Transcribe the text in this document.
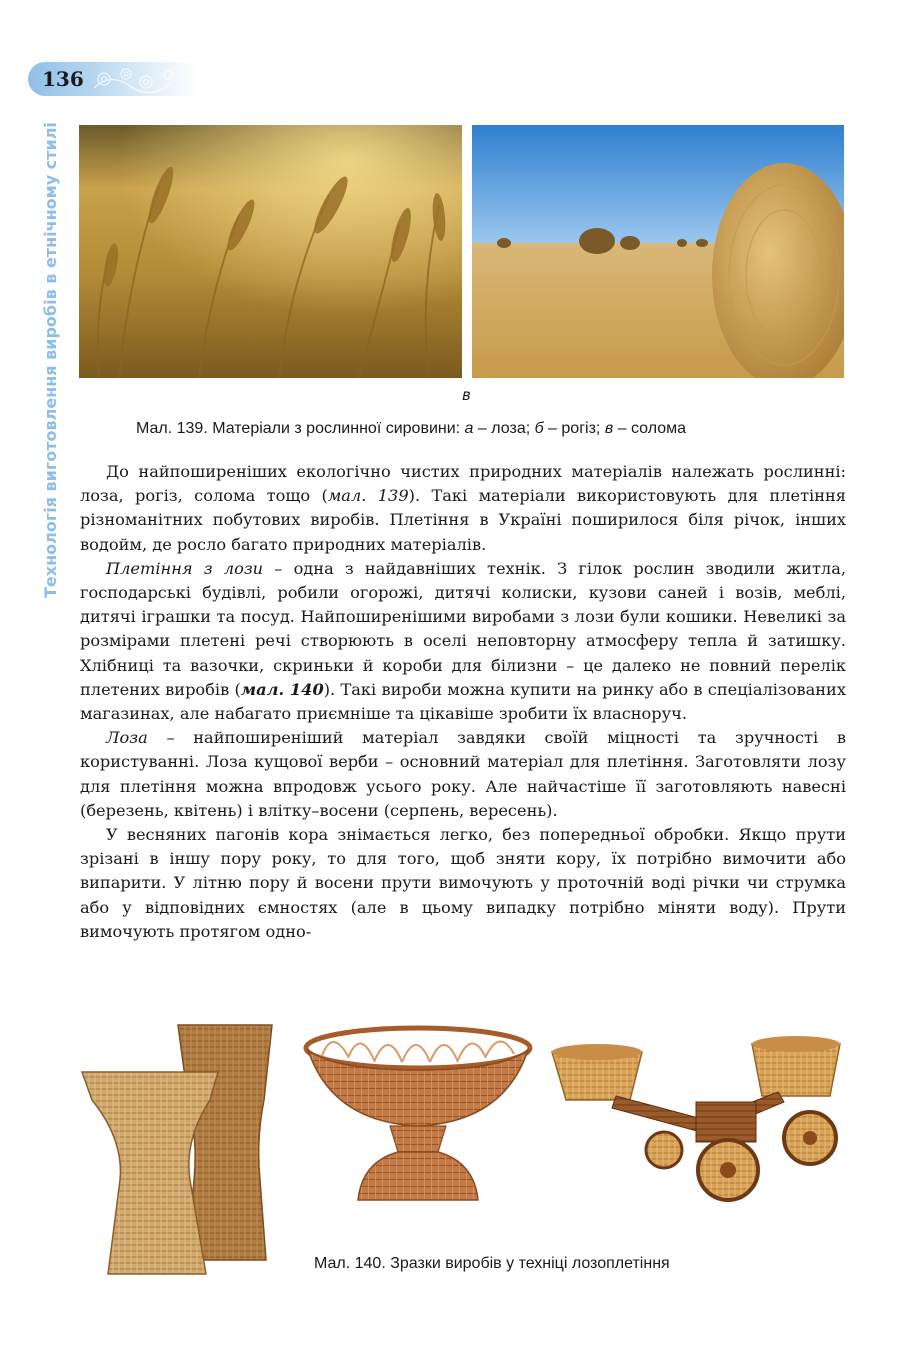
136
Технологія виготовлення виробів в етнічному стилі	в
Мал. 139. Матеріали з рослинної сировини: а – лоза; б – рогіз; в – солома

До найпоширеніших екологічно чистих природних матеріалів належать рослинні: лоза, рогіз, солома тощо (мал. 139). Такі матеріали використовують для плетіння різноманітних побутових виробів. Плетіння в Україні поширилося біля річок, інших водойм, де росло багато природних матеріалів.

Плетіння з лози – одна з найдавніших технік. З гілок рослин зводили житла, господарські будівлі, робили огорожі, дитячі колиски, кузови саней і возів, меблі, дитячі іграшки та посуд. Найпоширенішими виробами з лози були кошики. Невеликі за розмірами плетені речі створюють в оселі неповторну атмосферу тепла й затишку. Хлібниці та вазочки, скриньки й короби для білизни – це далеко не повний перелік плетених виробів (мал. 140). Такі вироби можна купити на ринку або в спеціалізованих магазинах, але набагато приємніше та цікавіше зробити їх власноруч.

Лоза – найпоширеніший матеріал завдяки своїй міцності та зручності в користуванні. Лоза кущової верби – основний матеріал для плетіння. Заготовляти лозу для плетіння можна впродовж усього року. Але найчастіше її заготовляють навесні (березень, квітень) і влітку–восени (серпень, вересень).

У весняних пагонів кора знімається легко, без попередньої обробки. Якщо прути зрізані в іншу пору року, то для того, щоб зняти кору, їх потрібно вимочити або випарити. У літню пору й восени прути вимочують у проточній воді річки чи струмка або у відповідних ємностях (але в цьому випадку потрібно міняти воду). Прути вимочують протягом одно-

Мал. 140. Зразки виробів у техніці лозоплетіння
